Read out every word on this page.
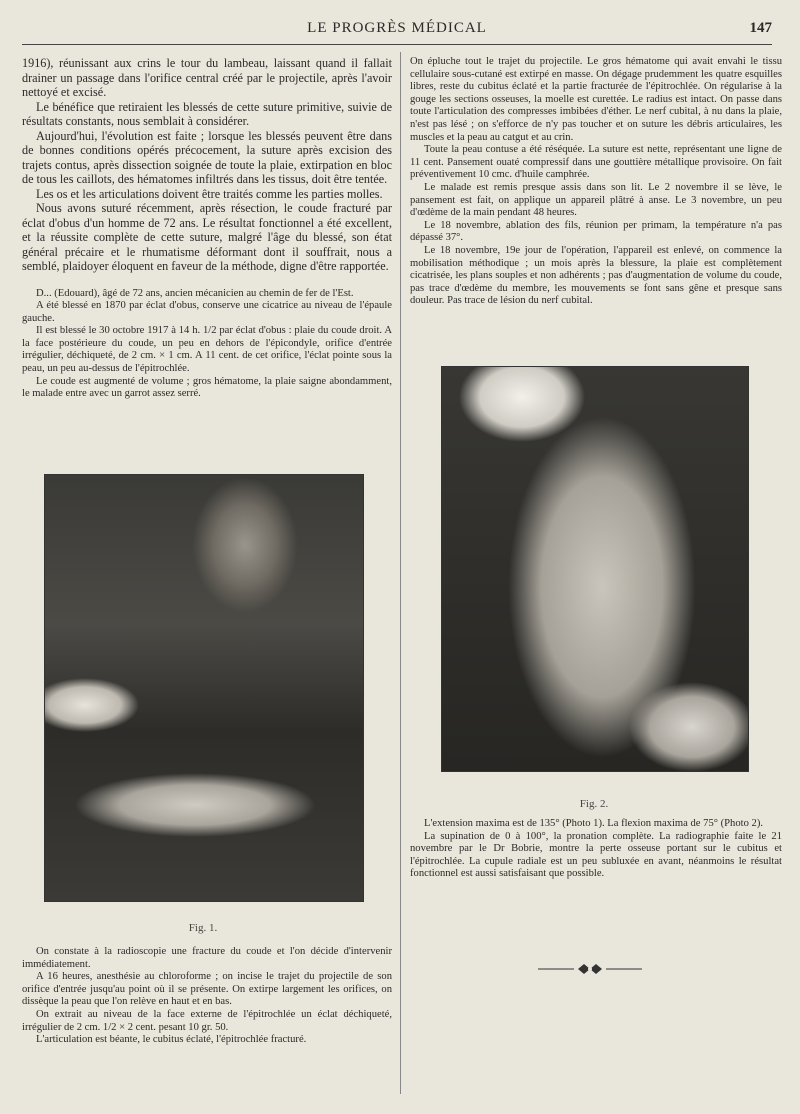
LE PROGRÈS MÉDICAL	147

1916), réunissant aux crins le tour du lambeau, laissant quand il fallait drainer un passage dans l'orifice central créé par le projectile, après l'avoir nettoyé et excisé.

Le bénéfice que retiraient les blessés de cette suture primitive, suivie de résultats constants, nous semblait à considérer.

Aujourd'hui, l'évolution est faite ; lorsque les blessés peuvent être dans de bonnes conditions opérés précocement, la suture après excision des trajets contus, après dissection soignée de toute la plaie, extirpation en bloc de tous les caillots, des hématomes infiltrés dans les tissus, doit être tentée.

Les os et les articulations doivent être traités comme les parties molles.

Nous avons suturé récemment, après résection, le coude fracturé par éclat d'obus d'un homme de 72 ans. Le résultat fonctionnel a été excellent, et la réussite complète de cette suture, malgré l'âge du blessé, son état général précaire et le rhumatisme déformant dont il souffrait, nous a semblé, plaidoyer éloquent en faveur de la méthode, digne d'être rapportée.

D... (Edouard), âgé de 72 ans, ancien mécanicien au chemin de fer de l'Est.

A été blessé en 1870 par éclat d'obus, conserve une cicatrice au niveau de l'épaule gauche.

Il est blessé le 30 octobre 1917 à 14 h. 1/2 par éclat d'obus : plaie du coude droit. A la face postérieure du coude, un peu en dehors de l'épicondyle, orifice d'entrée irrégulier, déchiqueté, de 2 cm. × 1 cm. A 11 cent. de cet orifice, l'éclat pointe sous la peau, un peu au-dessus de l'épitrochlée.

Le coude est augmenté de volume ; gros hématome, la plaie saigne abondamment, le malade entre avec un garrot assez serré.

Fig. 1.

On constate à la radioscopie une fracture du coude et l'on décide d'intervenir immédiatement.

A 16 heures, anesthésie au chloroforme ; on incise le trajet du projectile de son orifice d'entrée jusqu'au point où il se présente. On extirpe largement les orifices, on dissèque la peau que l'on relève en haut et en bas.

On extrait au niveau de la face externe de l'épitrochlée un éclat déchiqueté, irrégulier de 2 cm. 1/2 × 2 cent. pesant 10 gr. 50.

L'articulation est béante, le cubitus éclaté, l'épitrochlée fracturé.

On épluche tout le trajet du projectile. Le gros hématome qui avait envahi le tissu cellulaire sous-cutané est extirpé en masse. On dégage prudemment les quatre esquilles libres, reste du cubitus éclaté et la partie fracturée de l'épitrochlée. On régularise à la gouge les sections osseuses, la moelle est curettée. Le radius est intact. On passe dans toute l'articulation des compresses imbibées d'éther. Le nerf cubital, à nu dans la plaie, n'est pas lésé ; on s'efforce de n'y pas toucher et on suture les débris articulaires, les muscles et la peau au catgut et au crin.

Toute la peau contuse a été réséquée. La suture est nette, représentant une ligne de 11 cent. Pansement ouaté compressif dans une gouttière métallique provisoire. On fait préventivement 10 cmc. d'huile camphrée.

Le malade est remis presque assis dans son lit. Le 2 novembre il se lève, le pansement est fait, on applique un appareil plâtré à anse. Le 3 novembre, un peu d'œdème de la main pendant 48 heures.

Le 18 novembre, ablation des fils, réunion per primam, la température n'a pas dépassé 37°.

Le 18 novembre, 19e jour de l'opération, l'appareil est enlevé, on commence la mobilisation méthodique ; un mois après la blessure, la plaie est complètement cicatrisée, les plans souples et non adhérents ; pas d'augmentation de volume du coude, pas trace d'œdème du membre, les mouvements se font sans gêne et presque sans douleur. Pas trace de lésion du nerf cubital.

Fig. 2.

L'extension maxima est de 135° (Photo 1). La flexion maxima de 75° (Photo 2).

La supination de 0 à 100°, la pronation complète. La radiographie faite le 21 novembre par le Dr Bobrie, montre la perte osseuse portant sur le cubitus et l'épitrochlée. La cupule radiale est un peu subluxée en avant, néanmoins le résultat fonctionnel est aussi satisfaisant que possible.
